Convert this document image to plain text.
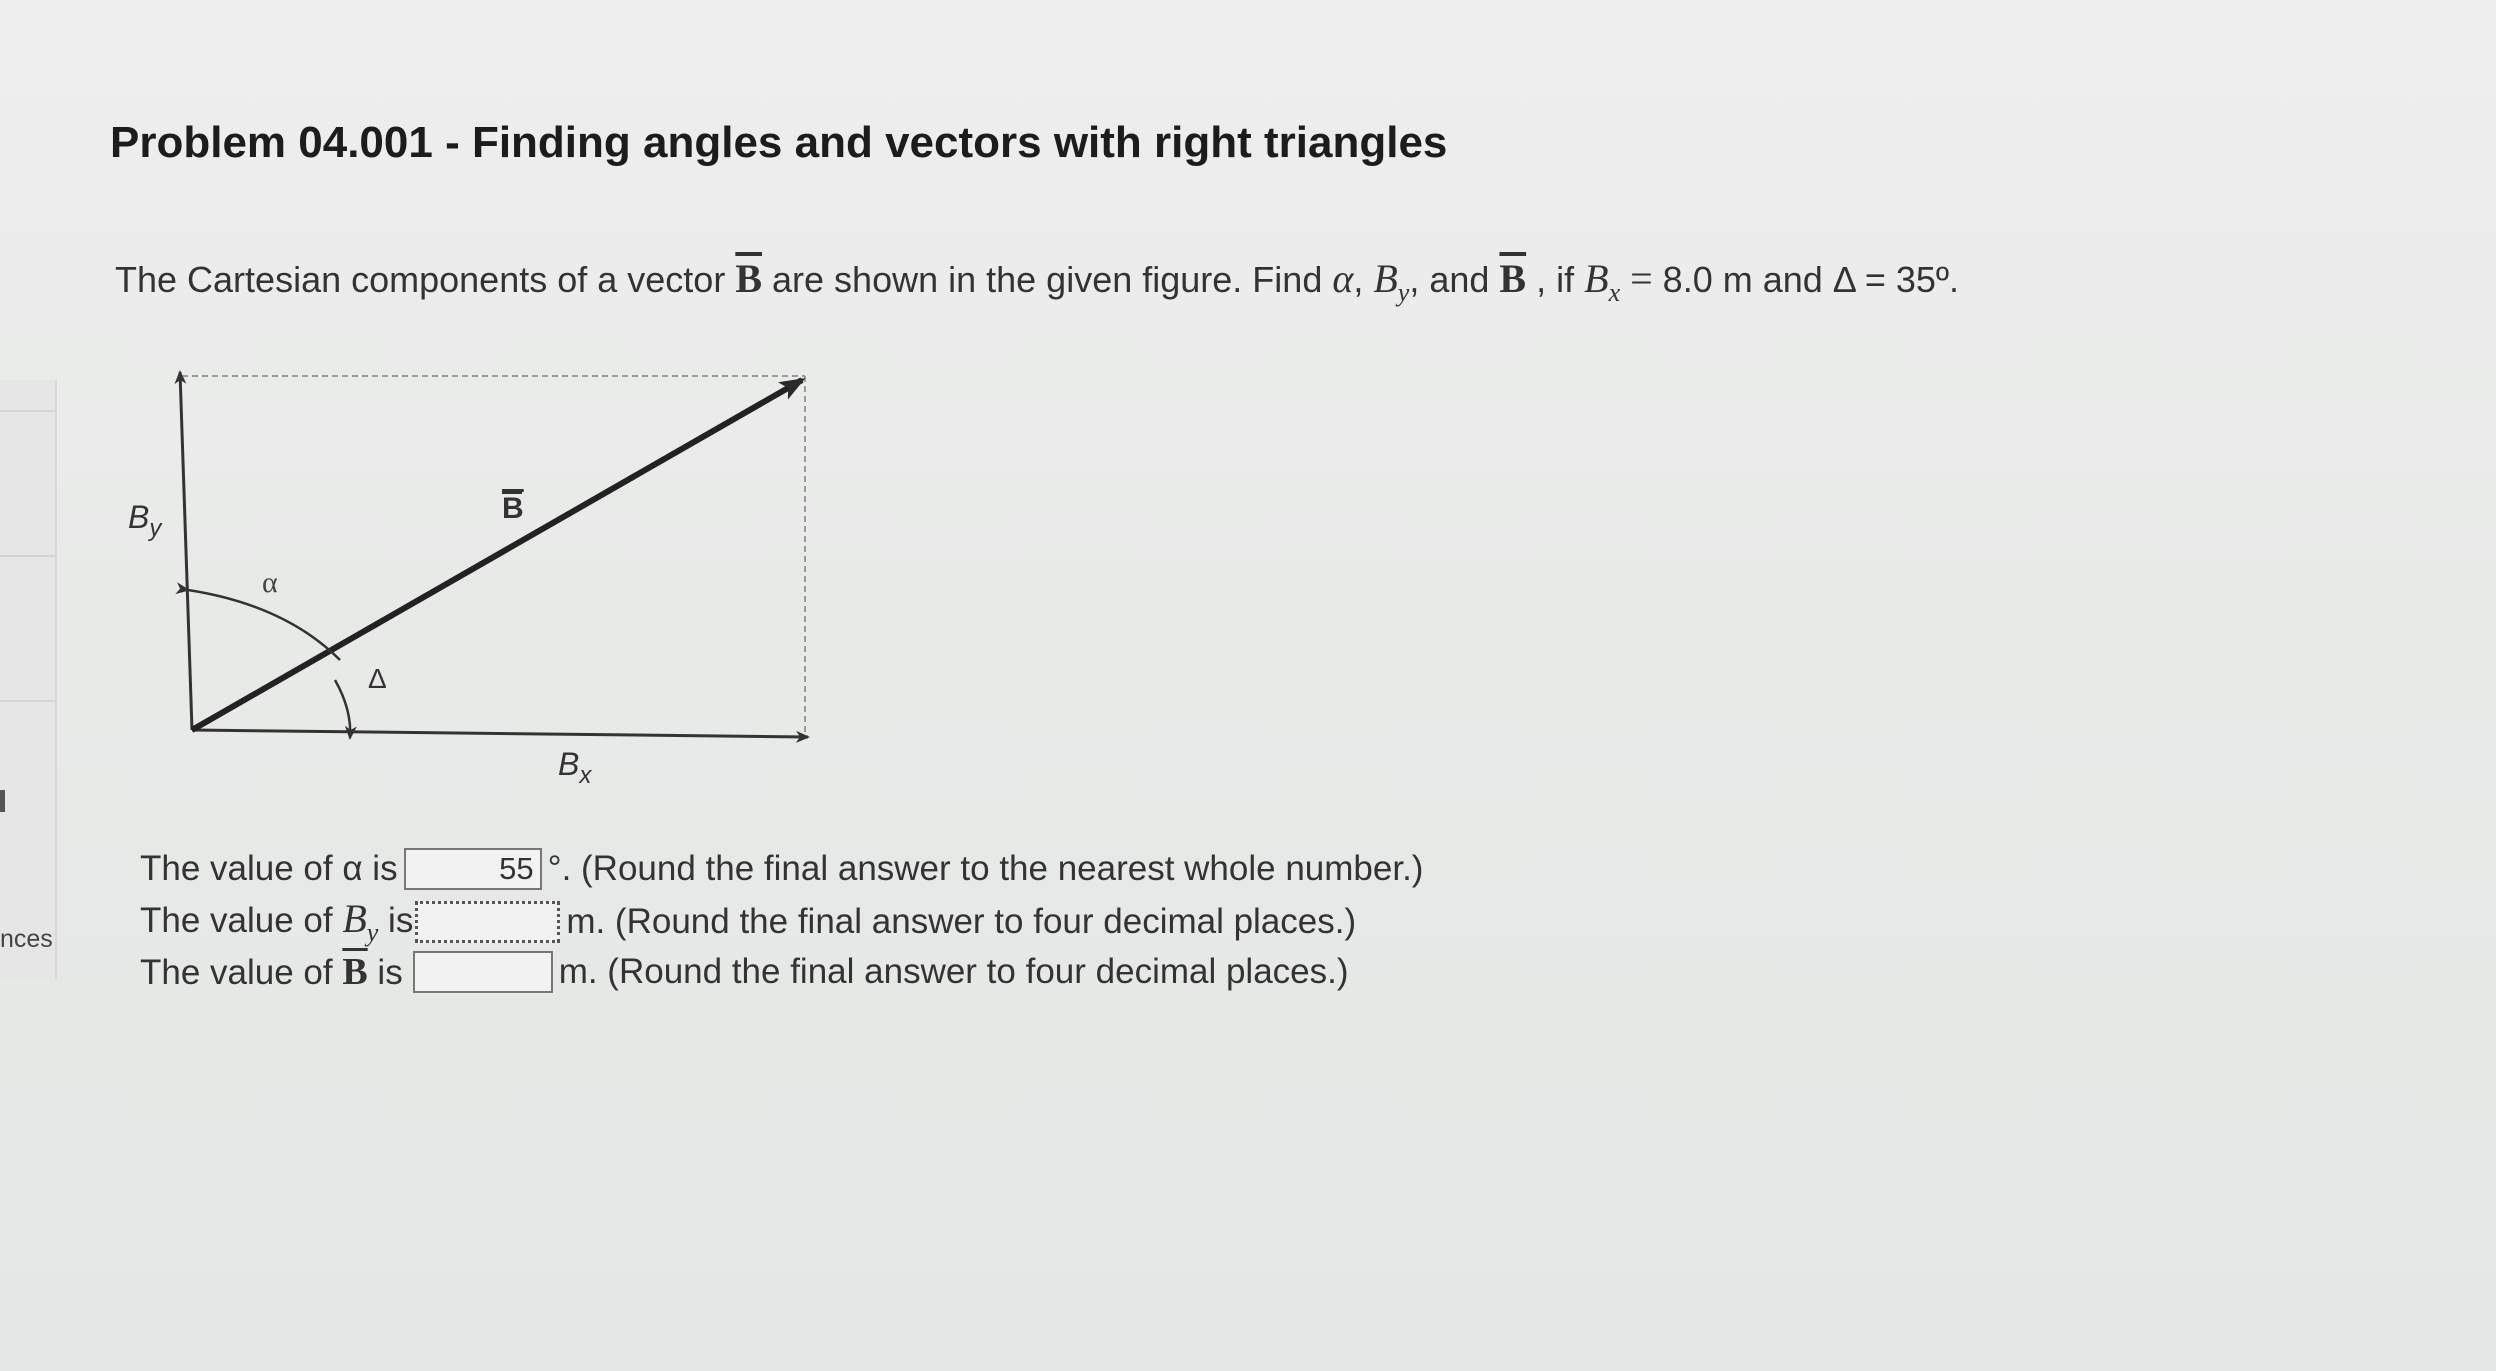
nces
Problem 04.001 - Finding angles and vectors with right triangles
The Cartesian components of a vector $\overline{B}$ are shown in the given figure. Find α, $B_y$, and $\overline{B}$ , if $B_x = 8.0$ m and Δ = 35º.
$B_y$
B
α
Δ
$B_x$
The value of α is	55 °. (Round the final answer to the nearest whole number.)
The value of $B_y$ is	m. (Round the final answer to four decimal places.)
The value of $\overline{B}$ is	m. (Round the final answer to four decimal places.)
